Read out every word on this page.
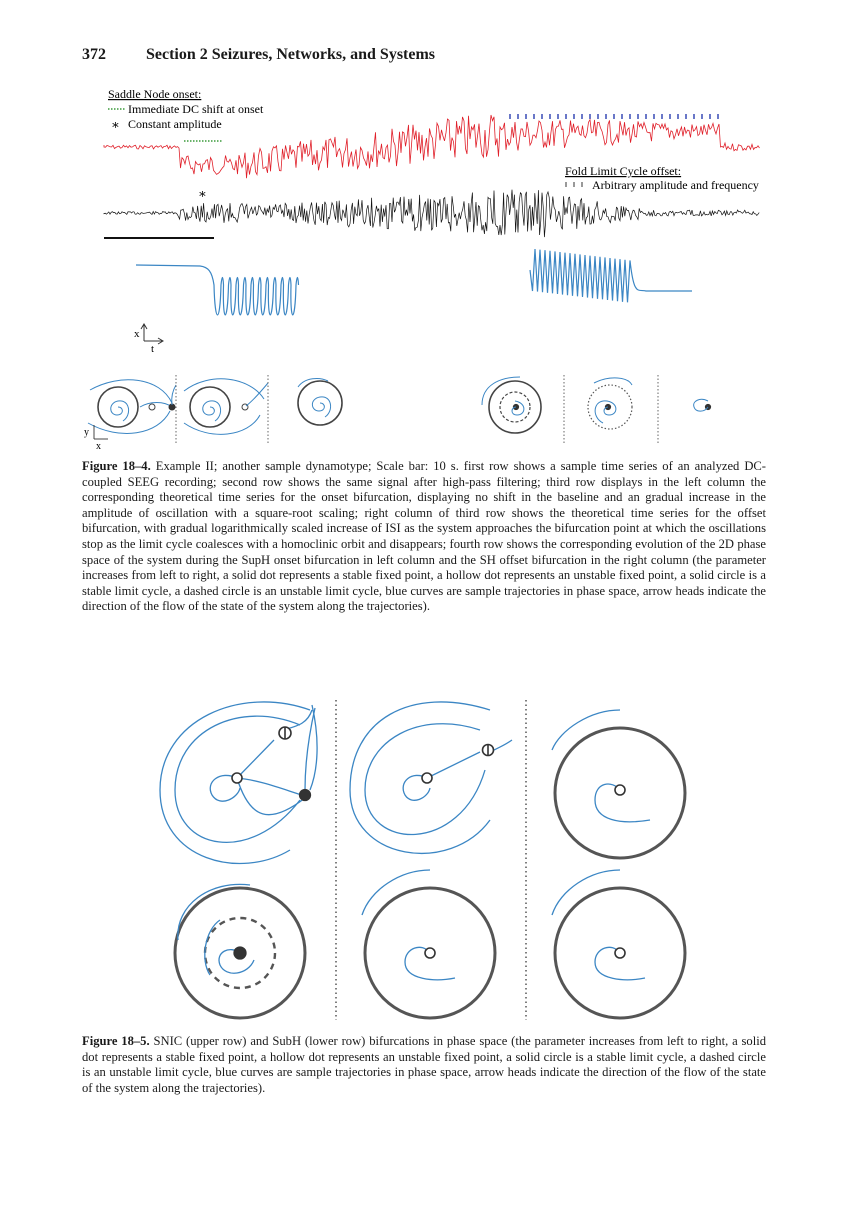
372	Section 2 Seizures, Networks, and Systems
Saddle Node onset:
Immediate DC shift at onset
∗ Constant amplitude
Fold Limit Cycle offset:
Arbitrary amplitude and frequency
∗
x
t
y
x
Figure 18–4. Example II; another sample dynamotype; Scale bar: 10 s. first row shows a sample time series of an analyzed DC-coupled SEEG recording; second row shows the same signal after high-pass filtering; third row displays in the left column the corresponding theoretical time series for the onset bifurcation, displaying no shift in the baseline and an gradual increase in the amplitude of oscillation with a square-root scaling; right column of third row shows the theoretical time series for the offset bifurcation, with gradual logarithmically scaled increase of ISI as the system approaches the bifurcation point at which the oscillations stop as the limit cycle coalesces with a homoclinic orbit and disappears; fourth row shows the corresponding evolution of the 2D phase space of the system during the SupH onset bifurcation in left column and the SH offset bifurcation in the right column (the parameter increases from left to right, a solid dot represents a stable fixed point, a hollow dot represents an unstable fixed point, a solid circle is a stable limit cycle, a dashed circle is an unstable limit cycle, blue curves are sample trajectories in phase space, arrow heads indicate the direction of the flow of the state of the system along the trajectories).
Figure 18–5. SNIC (upper row) and SubH (lower row) bifurcations in phase space (the parameter increases from left to right, a solid dot represents a stable fixed point, a hollow dot represents an unstable fixed point, a solid circle is a stable limit cycle, a dashed circle is an unstable limit cycle, blue curves are sample trajectories in phase space, arrow heads indicate the direction of the flow of the state of the system along the trajectories).
